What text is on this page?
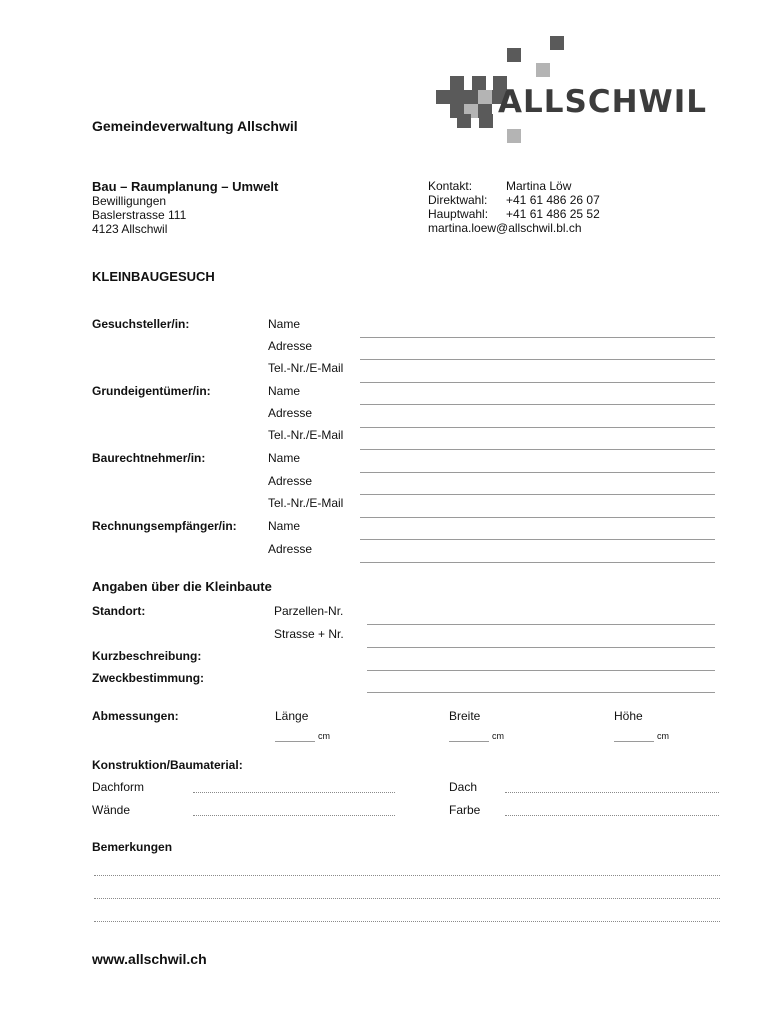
ALLSCHWIL
Gemeindeverwaltung Allschwil
Bau – Raumplanung – Umwelt
Bewilligungen
Baslerstrasse 111
4123 Allschwil
Kontakt:	Martina Löw
Direktwahl: +41 61 486 26 07
Hauptwahl: +41 61 486 25 52
martina.loew@allschwil.bl.ch
KLEINBAUGESUCH
Gesuchsteller/in:	Name
Adresse
Tel.-Nr./E-Mail
Grundeigentümer/in:	Name
Adresse
Tel.-Nr./E-Mail
Baurechtnehmer/in:	Name
Adresse
Tel.-Nr./E-Mail
Rechnungsempfänger/in:	Name
Adresse
Angaben über die Kleinbaute
Standort:	Parzellen-Nr.
Strasse + Nr.
Kurzbeschreibung:
Zweckbestimmung:
Abmessungen:	Länge	Breite	Höhe
cm	cm	cm
Konstruktion/Baumaterial:
Dachform	Dach
Wände	Farbe
Bemerkungen
www.allschwil.ch
